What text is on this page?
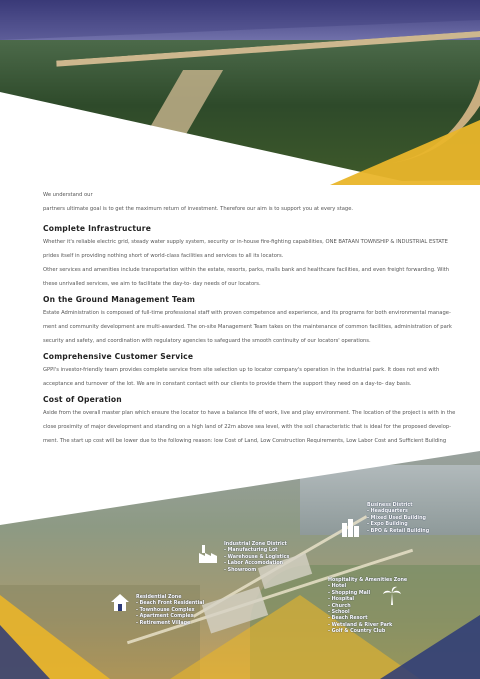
We understand our

partners ultimate goal is to get the maximum return of investment. Therefore our aim is to support you at every stage.

Complete Infrastructure

Whether it's reliable electric grid, steady water supply system, security or in-house fire-fighting capabilities, ONE BATAAN TOWNSHIP & INDUSTRIAL ESTATE

prides itself in providing nothing short of world-class facilities and services to all its locators.

Other services and amenities include transportation within the estate, resorts, parks, malls bank and healthcare facilities, and even freight forwarding. With

these unrivalled services, we aim to facilitate the day-to- day needs of our locators.

On the Ground Management Team

Estate Administration is composed of full-time professional staff with proven competence and experience, and its programs for both environmental manage-

ment and community development are multi-awarded. The on-site Management Team takes on the maintenance of common facilities, administration of park

security and safety, and coordination with regulatory agencies to safeguard the smooth continuity of our locators' operations.

Comprehensive Customer Service

GPPI's investor-friendly team provides complete service from site selection up to locator company's operation in the industrial park. It does not end with

acceptance and turnover of the lot. We are in constant contact with our clients to provide them the support they need on a day-to- day basis.

Cost of Operation

Aside from the overall master plan which ensure the locator to have a balance life of work, live and play environment. The location of the project is with in the

close proximity of major development and standing on a high land of 22m above sea level, with the soil characteristic that is ideal for the proposed develop-

ment. The start up cost will be lower due to the following reason: low Cost of Land, Low Construction Requirements, Low Labor Cost and Sufficient Building

Business District
- Headquarters
- Mixed Used Building
- Expo Building
- BPO & Retail Building
Industrial Zone District
- Manufacturing Lot
- Warehouse & Logistics
- Labor Accomodation
- Showroom
Hospitality & Amenities Zone
- Hotel
- Shopping Mall
- Hospital
- Church
- School
- Beach Resort
- Wetsland & River Park
- Golf & Country Club
Residential Zone
- Beach Front Residential
- Townhouse Complex
- Apartment Complex
- Retirement Village
